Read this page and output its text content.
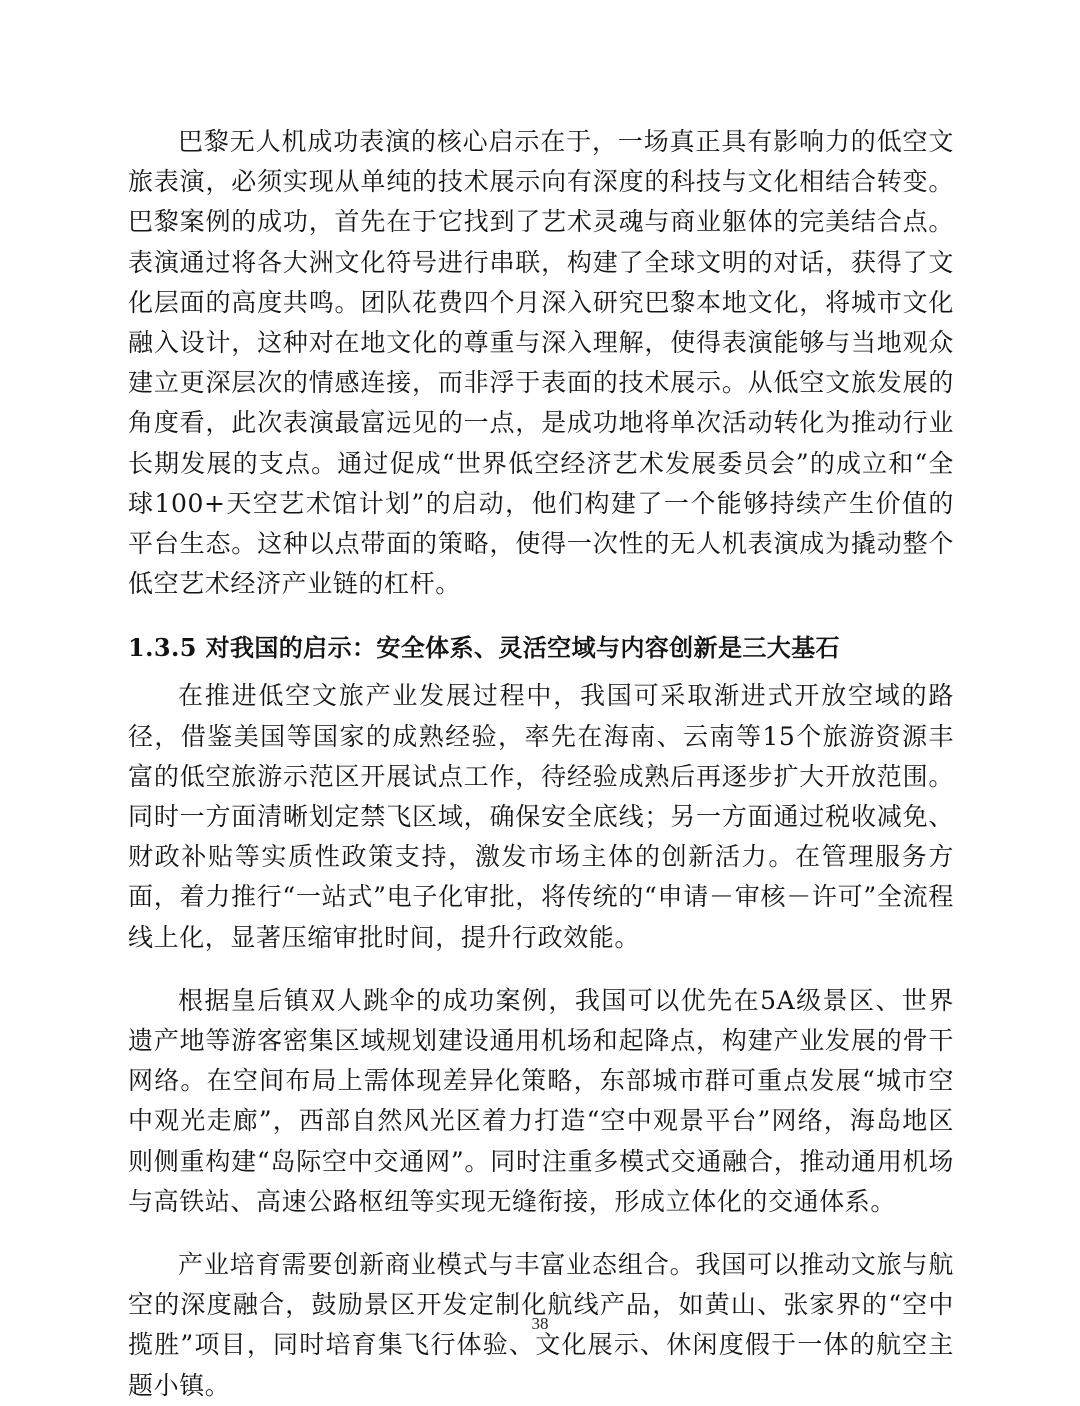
巴黎无人机成功表演的核心启示在于，一场真正具有影响力的低空文旅表演，必须实现从单纯的技术展示向有深度的科技与文化相结合转变。巴黎案例的成功，首先在于它找到了艺术灵魂与商业躯体的完美结合点。表演通过将各大洲文化符号进行串联，构建了全球文明的对话，获得了文化层面的高度共鸣。团队花费四个月深入研究巴黎本地文化，将城市文化融入设计，这种对在地文化的尊重与深入理解，使得表演能够与当地观众建立更深层次的情感连接，而非浮于表面的技术展示。从低空文旅发展的角度看，此次表演最富远见的一点，是成功地将单次活动转化为推动行业长期发展的支点。通过促成“世界低空经济艺术发展委员会”的成立和“全球100+天空艺术馆计划”的启动，他们构建了一个能够持续产生价值的平台生态。这种以点带面的策略，使得一次性的无人机表演成为撬动整个低空艺术经济产业链的杠杆。

1.3.5 对我国的启示：安全体系、灵活空域与内容创新是三大基石

在推进低空文旅产业发展过程中，我国可采取渐进式开放空域的路径，借鉴美国等国家的成熟经验，率先在海南、云南等15个旅游资源丰富的低空旅游示范区开展试点工作，待经验成熟后再逐步扩大开放范围。同时一方面清晰划定禁飞区域，确保安全底线；另一方面通过税收减免、财政补贴等实质性政策支持，激发市场主体的创新活力。在管理服务方面，着力推行“一站式”电子化审批，将传统的“申请－审核－许可”全流程线上化，显著压缩审批时间，提升行政效能。

根据皇后镇双人跳伞的成功案例，我国可以优先在5A级景区、世界遗产地等游客密集区域规划建设通用机场和起降点，构建产业发展的骨干网络。在空间布局上需体现差异化策略，东部城市群可重点发展“城市空中观光走廊”，西部自然风光区着力打造“空中观景平台”网络，海岛地区则侧重构建“岛际空中交通网”。同时注重多模式交通融合，推动通用机场与高铁站、高速公路枢纽等实现无缝衔接，形成立体化的交通体系。

产业培育需要创新商业模式与丰富业态组合。我国可以推动文旅与航空的深度融合，鼓励景区开发定制化航线产品，如黄山、张家界的“空中揽胜”项目，同时培育集飞行体验、文化展示、休闲度假于一体的航空主题小镇。

38
